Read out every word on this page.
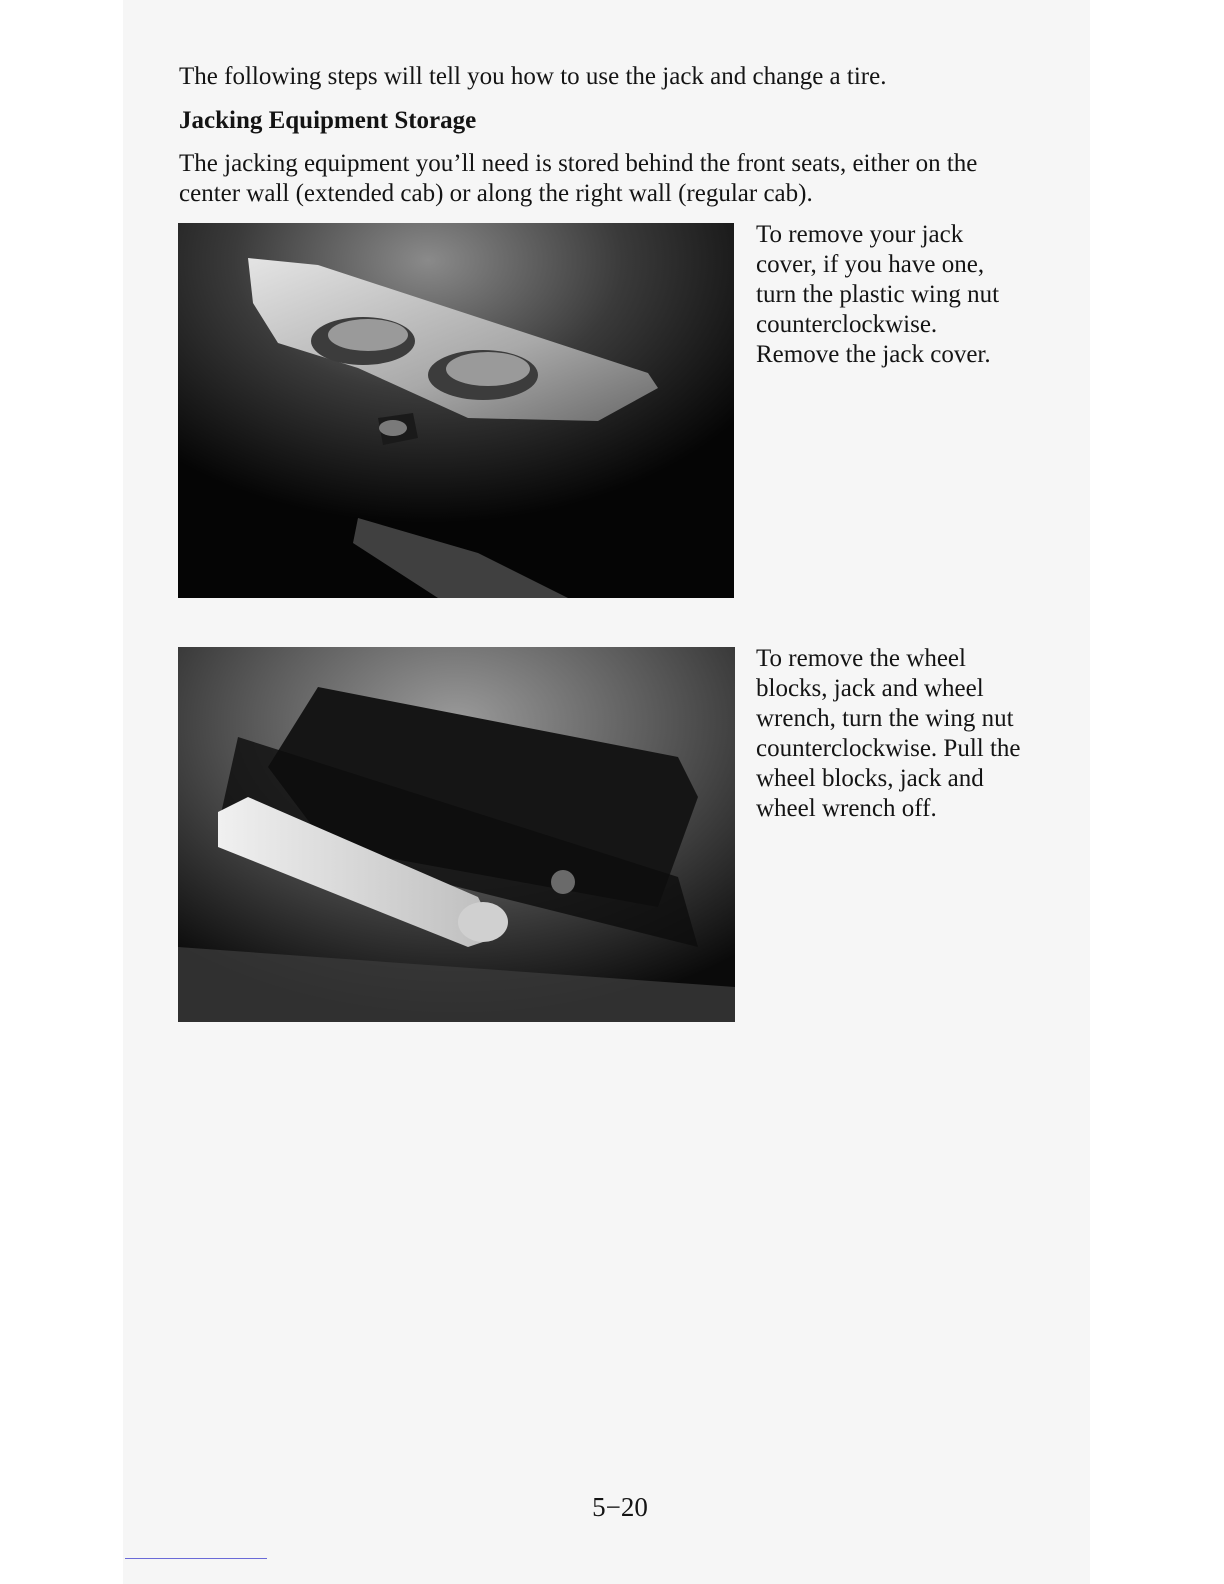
The following steps will tell you how to use the jack and change a tire.

Jacking Equipment Storage

The jacking equipment you’ll need is stored behind the front seats, either on the center wall (extended cab) or along the right wall (regular cab).

To remove your jack cover, if you have one, turn the plastic wing nut counterclockwise. Remove the jack cover.

To remove the wheel blocks, jack and wheel wrench, turn the wing nut counterclockwise. Pull the wheel blocks, jack and wheel wrench off.

5−20
